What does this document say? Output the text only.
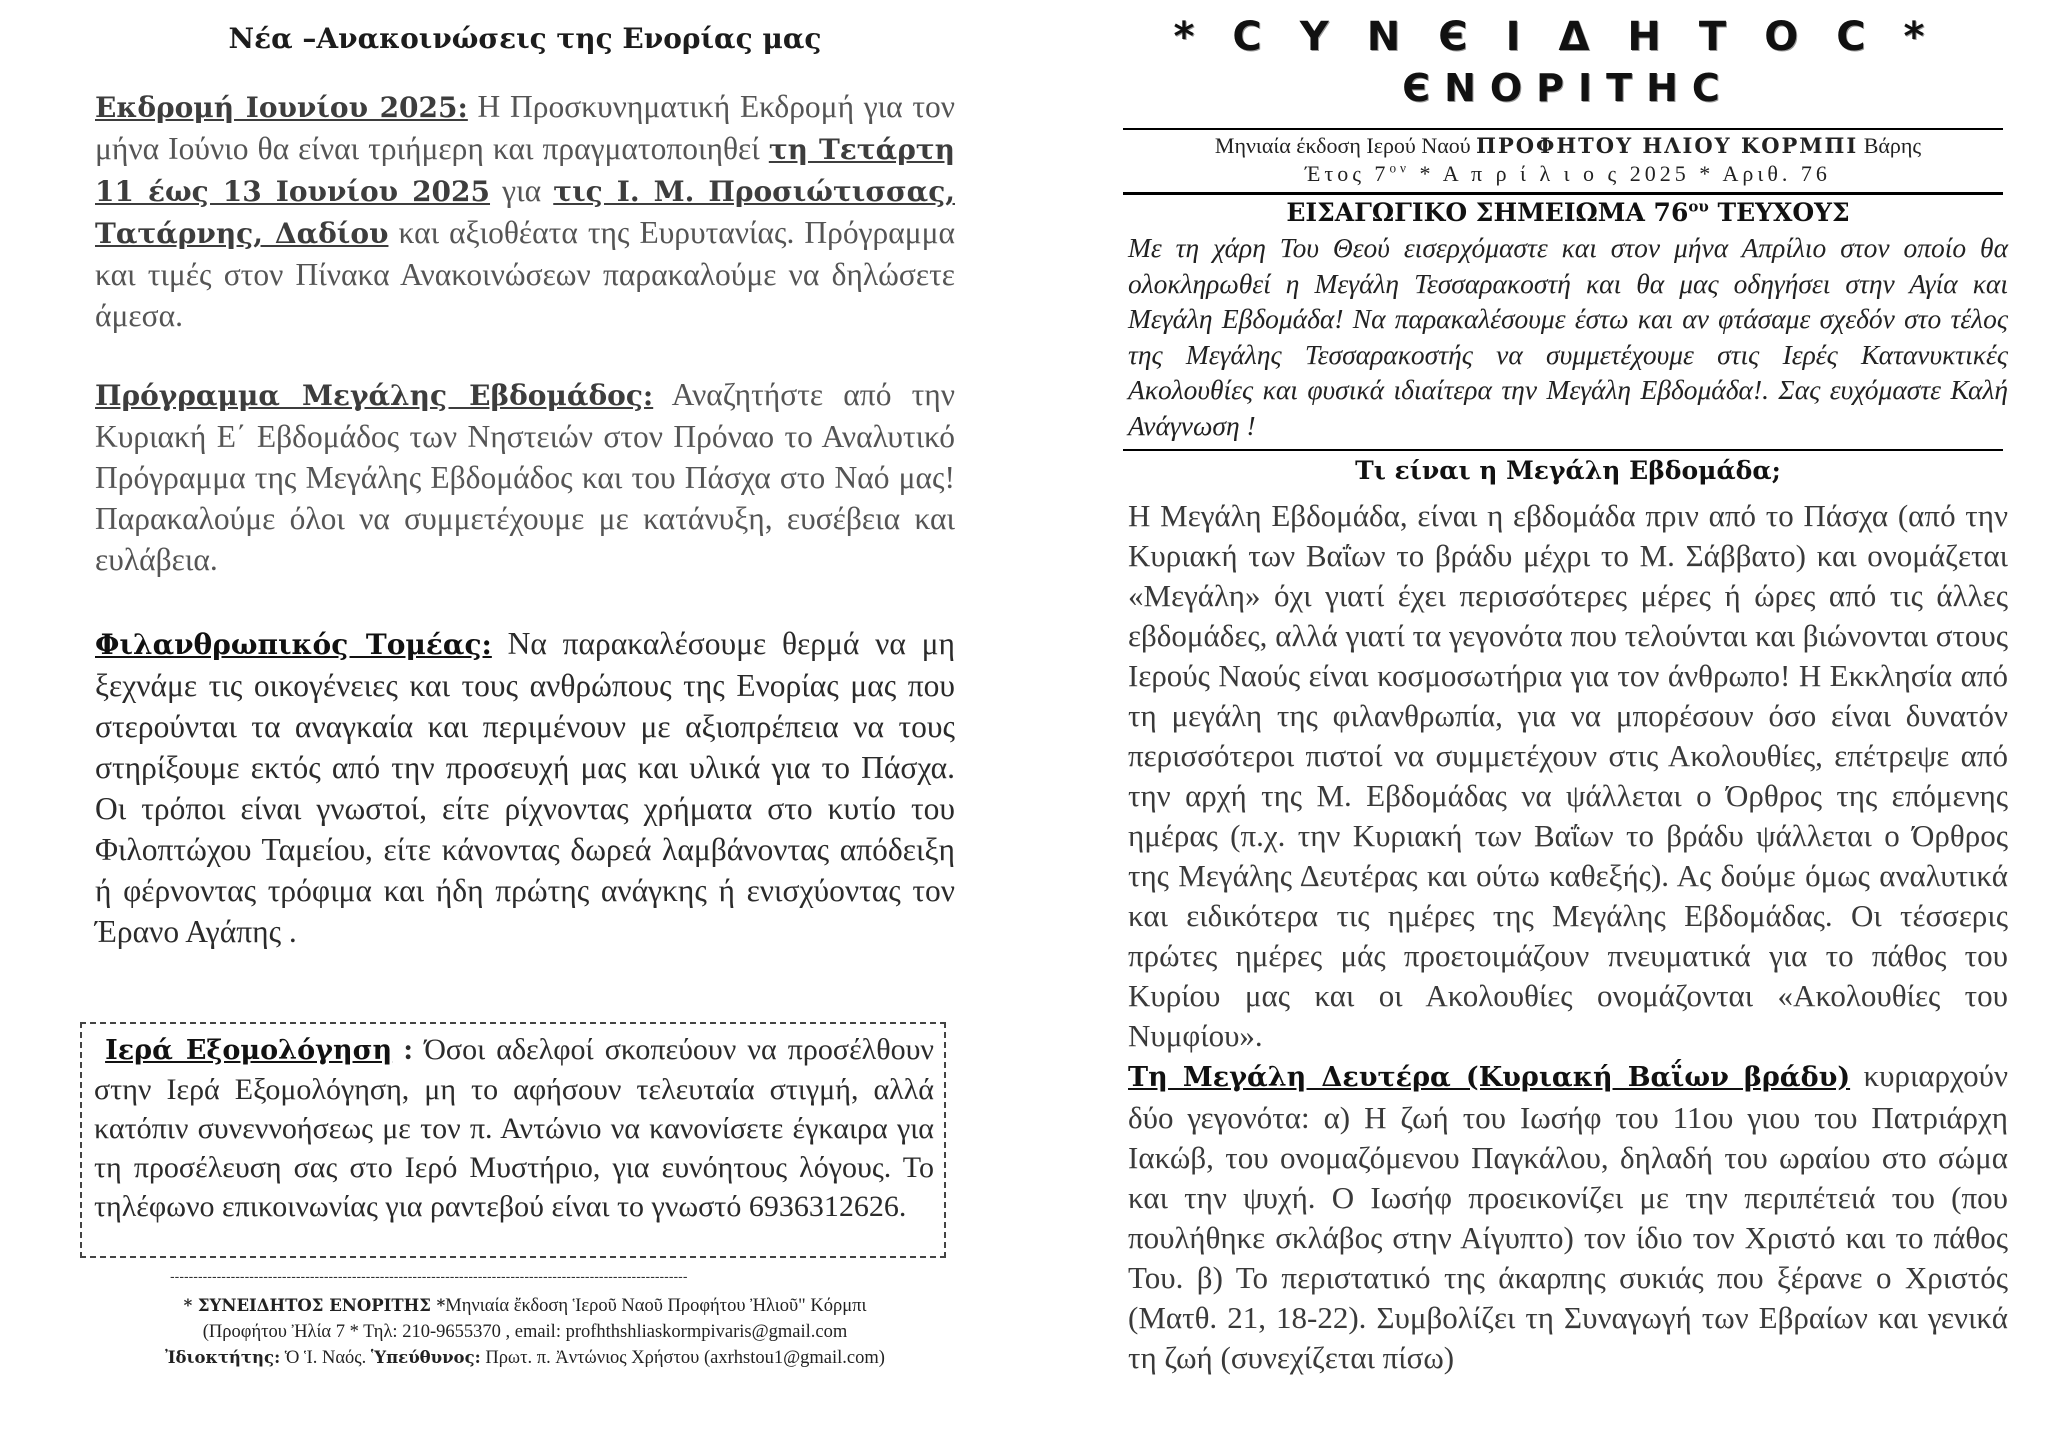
Νέα –Ανακοινώσεις της Ενορίας μας
Εκδρομή Ιουνίου 2025: Η Προσκυνηματική Εκδρομή για τον μήνα Ιούνιο θα είναι τριήμερη και πραγματοποιηθεί τη Τετάρτη 11 έως 13 Ιουνίου 2025 για τις Ι. Μ. Προσιώτισσας, Τατάρνης, Δαδίου και αξιοθέατα της Ευρυτανίας. Πρόγραμμα και τιμές στον Πίνακα Ανακοινώσεων παρακαλούμε να δηλώσετε άμεσα.
Πρόγραμμα Μεγάλης Εβδομάδος: Αναζητήστε από την Κυριακή Ε΄ Εβδομάδος των Νηστειών στον Πρόναο το Αναλυτικό Πρόγραμμα της Μεγάλης Εβδομάδος και του Πάσχα στο Ναό μας! Παρακαλούμε όλοι να συμμετέχουμε με κατάνυξη, ευσέβεια και ευλάβεια.
Φιλανθρωπικός Τομέας: Να παρακαλέσουμε θερμά να μη ξεχνάμε τις οικογένειες και τους ανθρώπους της Ενορίας μας που στερούνται τα αναγκαία και περιμένουν με αξιοπρέπεια να τους στηρίξουμε εκτός από την προσευχή μας και υλικά για το Πάσχα. Οι τρόποι είναι γνωστοί, είτε ρίχνοντας χρήματα στο κυτίο του Φιλοπτώχου Ταμείου, είτε κάνοντας δωρεά λαμβάνοντας απόδειξη ή φέρνοντας τρόφιμα και ήδη πρώτης ανάγκης ή ενισχύοντας τον Έρανο Αγάπης .
Ιερά Εξομολόγηση : Όσοι αδελφοί σκοπεύουν να προσέλθουν στην Ιερά Εξομολόγηση, μη το αφήσουν τελευταία στιγμή, αλλά κατόπιν συνεννοήσεως με τον π. Αντώνιο να κανονίσετε έγκαιρα για τη προσέλευση σας στο Ιερό Μυστήριο, για ευνόητους λόγους. Το τηλέφωνο επικοινωνίας για ραντεβού είναι το γνωστό 6936312626.
---------------------------------------------------------------------------------------------------------------
* ΣΥΝΕΙΔΗΤΟΣ ΕΝΟΡΙΤΗΣ *Μηνιαία ἔκδοση Ἱεροῦ Ναοῦ Προφήτου Ἠλιοῦ" Κόρμπι
(Προφήτου Ἠλία 7 * Τηλ: 210-9655370 , email: profhthshliaskormpivaris@gmail.com
Ἰδιοκτήτης: Ὁ Ἱ. Ναός. Ὑπεύθυνος: Πρωτ. π. Ἀντώνιος Χρήστου (axrhstou1@gmail.com)
*ϹΥΝЄΙΔΗΤΟϹ*
ЄΝΟΡΙΤΗϹ
Μηνιαία έκδοση Ιερού Ναού ΠΡΟΦΗΤΟΥ ΗΛΙΟΥ ΚΟΡΜΠΙ Βάρης
Έτος $7^{o\nu}$ * Α π ρ ί λ ι ο ς 2025 * Αριθ. 76
ΕΙΣΑΓΩΓΙΚΟ ΣΗΜΕΙΩΜΑ $76^{o\upsilon}$ ΤΕΥΧΟΥΣ
Με τη χάρη Του Θεού εισερχόμαστε και στον μήνα Απρίλιο στον οποίο θα ολοκληρωθεί η Μεγάλη Τεσσαρακοστή και θα μας οδηγήσει στην Αγία και Μεγάλη Εβδομάδα! Να παρακαλέσουμε έστω και αν φτάσαμε σχεδόν στο τέλος της Μεγάλης Τεσσαρακοστής να συμμετέχουμε στις Ιερές Κατανυκτικές Ακολουθίες και φυσικά ιδιαίτερα την Μεγάλη Εβδομάδα!. Σας ευχόμαστε Καλή Ανάγνωση !
Τι είναι η Μεγάλη Εβδομάδα;
Η Μεγάλη Εβδομάδα, είναι η εβδομάδα πριν από το Πάσχα (από την Κυριακή των Βαΐων το βράδυ μέχρι το Μ. Σάββατο) και ονομάζεται «Μεγάλη» όχι γιατί έχει περισσότερες μέρες ή ώρες από τις άλλες εβδομάδες, αλλά γιατί τα γεγονότα που τελούνται και βιώνονται στους Ιερούς Ναούς είναι κοσμοσωτήρια για τον άνθρωπο! Η Εκκλησία από τη μεγάλη της φιλανθρωπία, για να μπορέσουν όσο είναι δυνατόν περισσότεροι πιστοί να συμμετέχουν στις Ακολουθίες, επέτρεψε από την αρχή της Μ. Εβδομάδας να ψάλλεται ο Όρθρος της επόμενης ημέρας (π.χ. την Κυριακή των Βαΐων το βράδυ ψάλλεται ο Όρθρος της Μεγάλης Δευτέρας και ούτω καθεξής). Ας δούμε όμως αναλυτικά και ειδικότερα τις ημέρες της Μεγάλης Εβδομάδας. Οι τέσσερις πρώτες ημέρες μάς προετοιμάζουν πνευματικά για το πάθος του Κυρίου μας και οι Ακολουθίες ονομάζονται «Ακολουθίες του Νυμφίου».
Τη Μεγάλη Δευτέρα (Κυριακή Βαΐων βράδυ) κυριαρχούν δύο γεγονότα: α) Η ζωή του Ιωσήφ του 11ου γιου του Πατριάρχη Ιακώβ, του ονομαζόμενου Παγκάλου, δηλαδή του ωραίου στο σώμα και την ψυχή. Ο Ιωσήφ προεικονίζει με την περιπέτειά του (που πουλήθηκε σκλάβος στην Αίγυπτο) τον ίδιο τον Χριστό και το πάθος Του. β) Το περιστατικό της άκαρπης συκιάς που ξέρανε ο Χριστός (Ματθ. 21, 18-22). Συμβολίζει τη Συναγωγή των Εβραίων και γενικά τη ζωή (συνεχίζεται πίσω)
